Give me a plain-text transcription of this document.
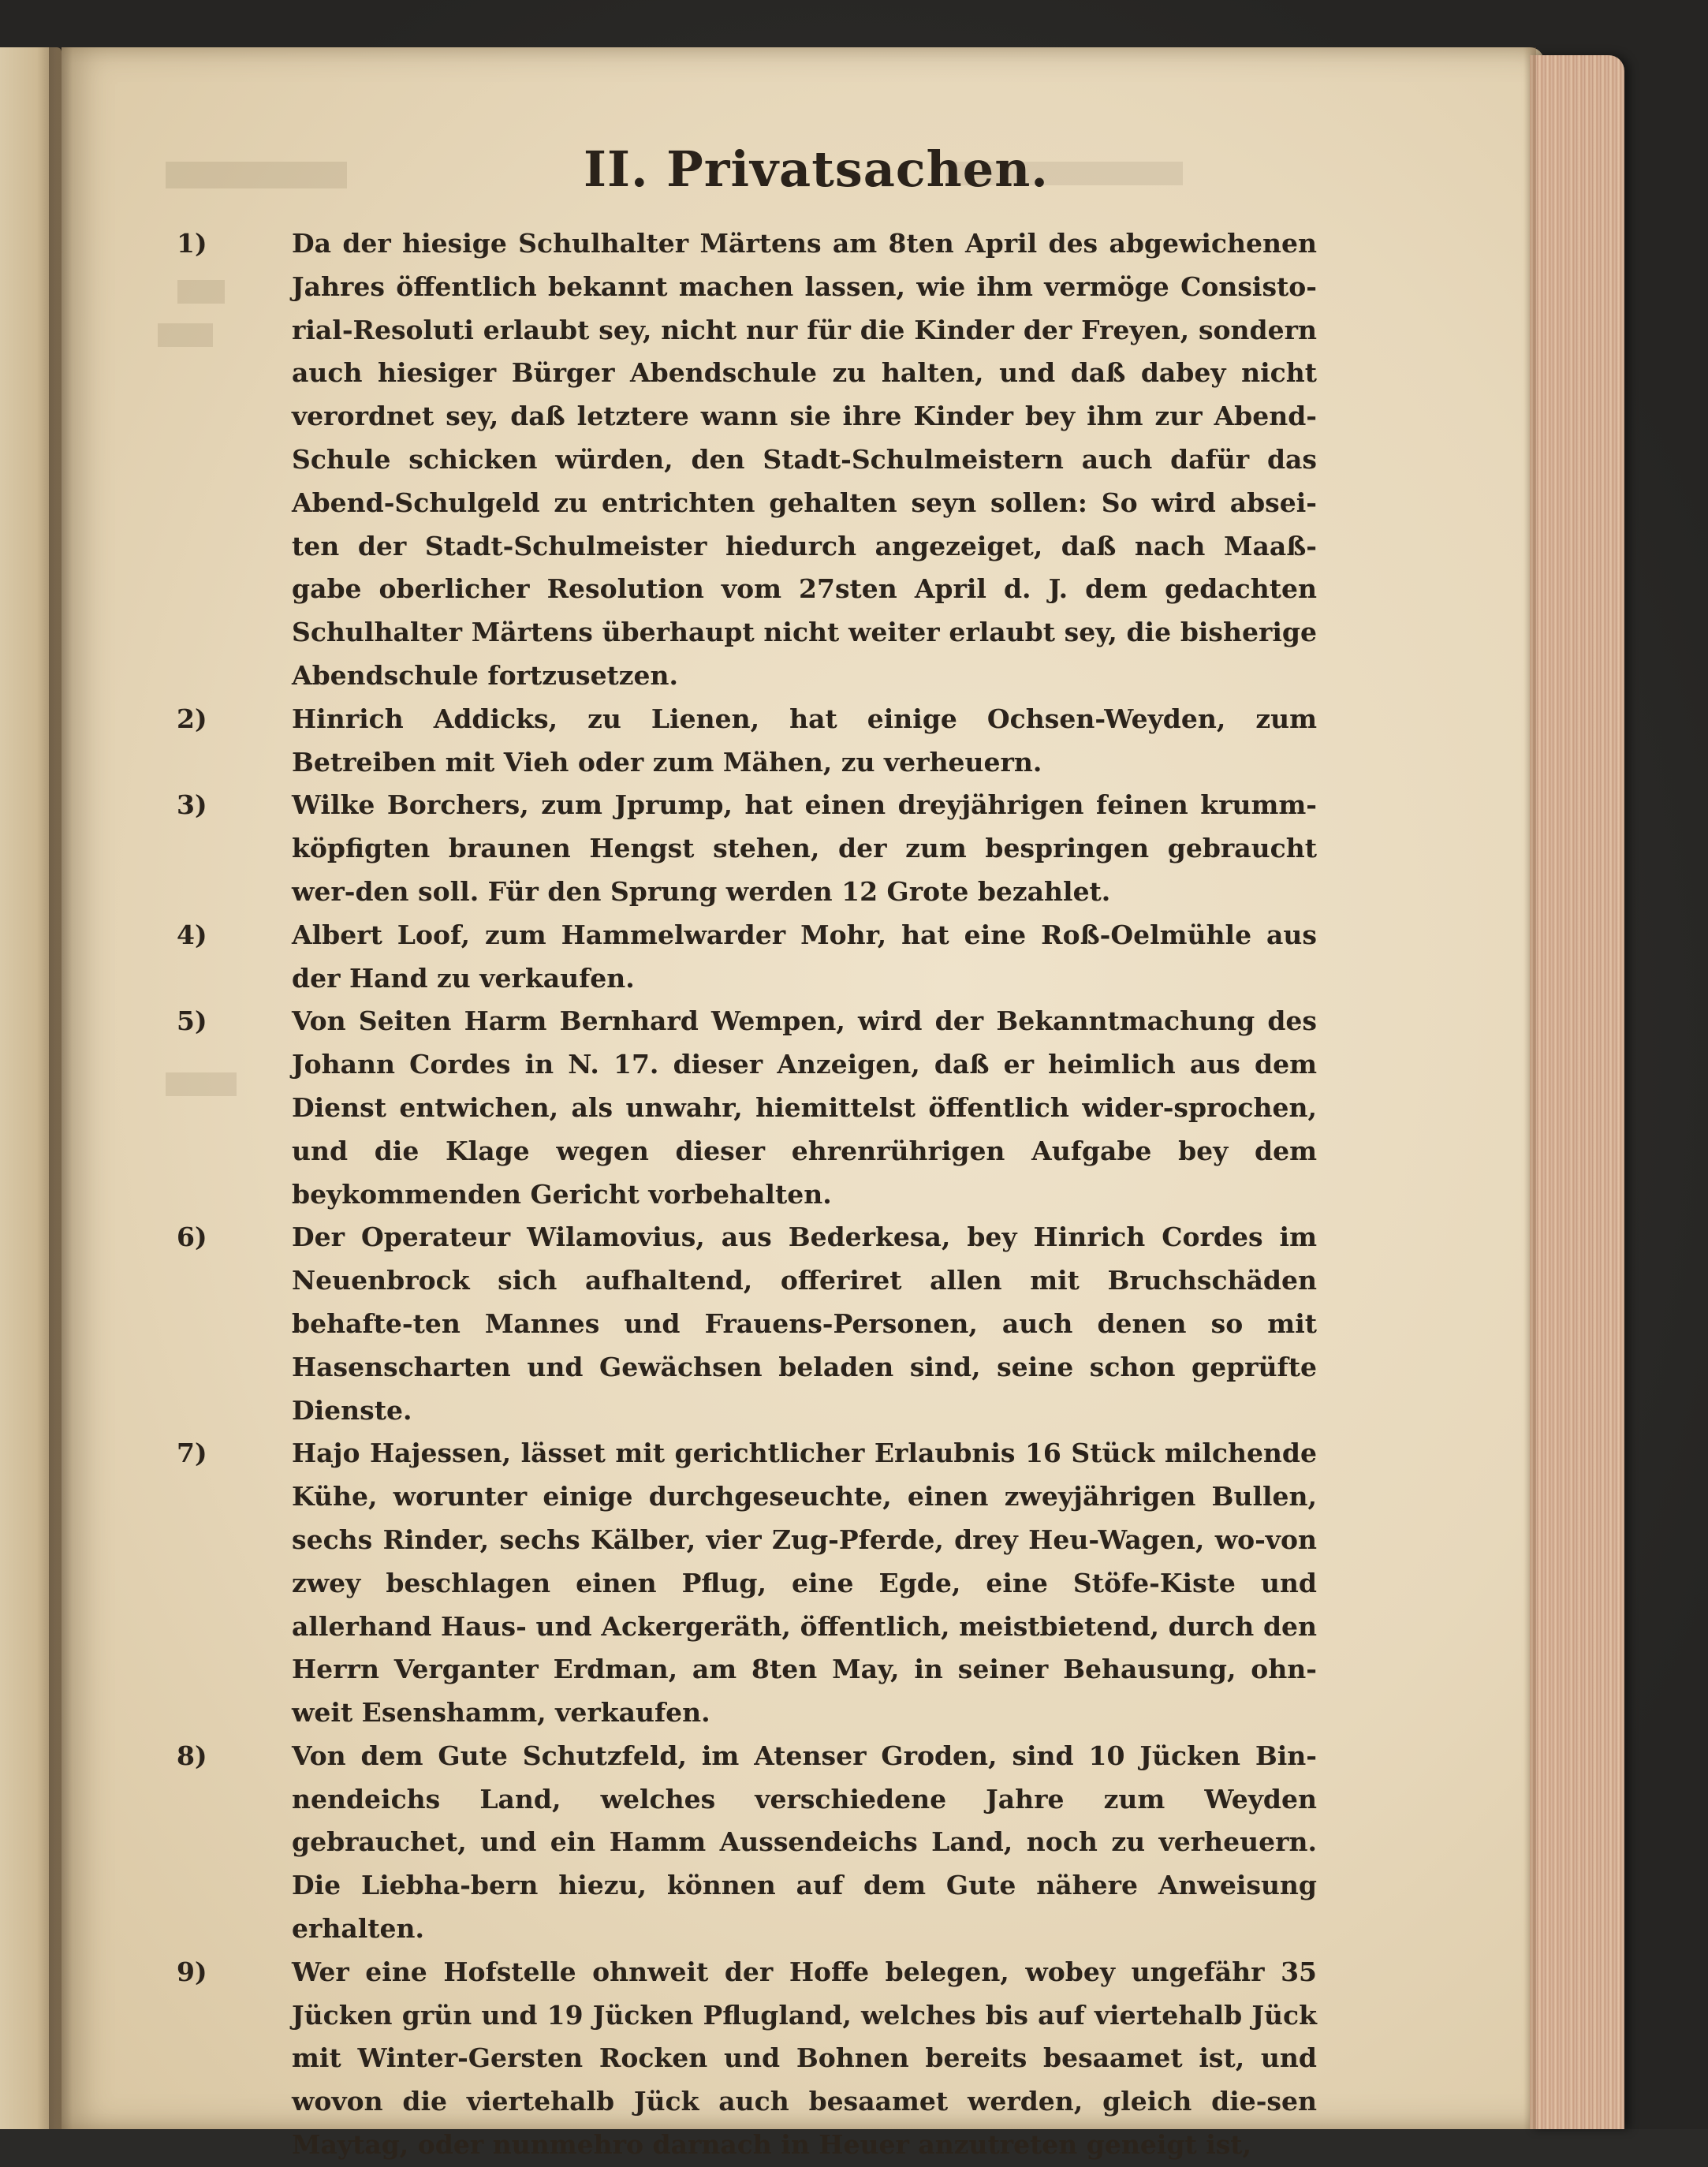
II. Privatsachen.
1)	Da der hiesige Schulhalter Märtens am 8ten April des abgewichenen Jahres öffentlich bekannt machen lassen, wie ihm vermöge Consisto-rial-Resoluti erlaubt sey, nicht nur für die Kinder der Freyen, sondern auch hiesiger Bürger Abendschule zu halten, und daß dabey nicht verordnet sey, daß letztere wann sie ihre Kinder bey ihm zur Abend-Schule schicken würden, den Stadt-Schulmeistern auch dafür das Abend-Schulgeld zu entrichten gehalten seyn sollen: So wird absei-ten der Stadt-Schulmeister hiedurch angezeiget, daß nach Maaß-gabe oberlicher Resolution vom 27sten April d. J. dem gedachten Schulhalter Märtens überhaupt nicht weiter erlaubt sey, die bisherige Abendschule fortzusetzen.
2)	Hinrich Addicks, zu Lienen, hat einige Ochsen-Weyden, zum Betreiben mit Vieh oder zum Mähen, zu verheuern.
3)	Wilke Borchers, zum Jprump, hat einen dreyjährigen feinen krumm-köpfigten braunen Hengst stehen, der zum bespringen gebraucht wer-den soll. Für den Sprung werden 12 Grote bezahlet.
4)	Albert Loof, zum Hammelwarder Mohr, hat eine Roß-Oelmühle aus der Hand zu verkaufen.
5)	Von Seiten Harm Bernhard Wempen, wird der Bekanntmachung des Johann Cordes in N. 17. dieser Anzeigen, daß er heimlich aus dem Dienst entwichen, als unwahr, hiemittelst öffentlich wider-sprochen, und die Klage wegen dieser ehrenrührigen Aufgabe bey dem beykommenden Gericht vorbehalten.
6)	Der Operateur Wilamovius, aus Bederkesa, bey Hinrich Cordes im Neuenbrock sich aufhaltend, offeriret allen mit Bruchschäden behafte-ten Mannes und Frauens-Personen, auch denen so mit Hasenscharten und Gewächsen beladen sind, seine schon geprüfte Dienste.
7)	Hajo Hajessen, lässet mit gerichtlicher Erlaubnis 16 Stück milchende Kühe, worunter einige durchgeseuchte, einen zweyjährigen Bullen, sechs Rinder, sechs Kälber, vier Zug-Pferde, drey Heu-Wagen, wo-von zwey beschlagen einen Pflug, eine Egde, eine Stöfe-Kiste und allerhand Haus- und Ackergeräth, öffentlich, meistbietend, durch den Herrn Verganter Erdman, am 8ten May, in seiner Behausung, ohn-weit Esenshamm, verkaufen.
8)	Von dem Gute Schutzfeld, im Atenser Groden, sind 10 Jücken Bin-nendeichs Land, welches verschiedene Jahre zum Weyden gebrauchet, und ein Hamm Aussendeichs Land, noch zu verheuern. Die Liebha-bern hiezu, können auf dem Gute nähere Anweisung erhalten.
9)	Wer eine Hofstelle ohnweit der Hoffe belegen, wobey ungefähr 35 Jücken grün und 19 Jücken Pflugland, welches bis auf viertehalb Jück mit Winter-Gersten Rocken und Bohnen bereits besaamet ist, und wovon die viertehalb Jück auch besaamet werden, gleich die-sen Maytag, oder nunmehro darnach in Heuer anzutreten geneigt ist,
